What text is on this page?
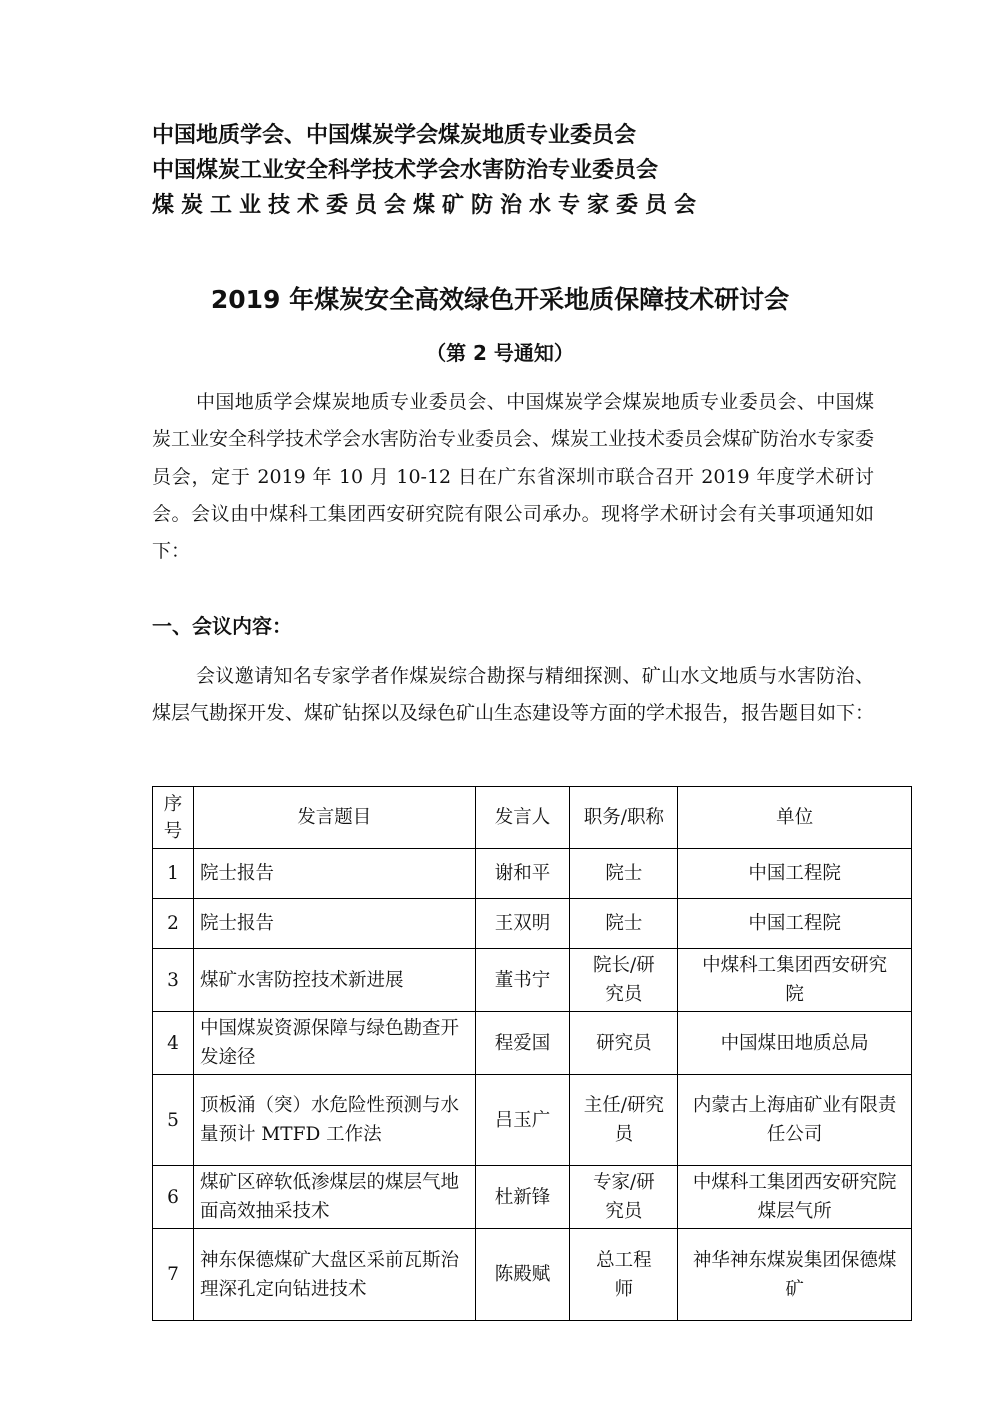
中国地质学会、中国煤炭学会煤炭地质专业委员会
中国煤炭工业安全科学技术学会水害防治专业委员会
煤炭工业技术委员会煤矿防治水专家委员会
2019 年煤炭安全高效绿色开采地质保障技术研讨会
（第 2 号通知）
中国地质学会煤炭地质专业委员会、中国煤炭学会煤炭地质专业委员会、中国煤炭工业安全科学技术学会水害防治专业委员会、煤炭工业技术委员会煤矿防治水专家委员会，定于 2019 年 10 月 10-12 日在广东省深圳市联合召开 2019 年度学术研讨会。会议由中煤科工集团西安研究院有限公司承办。现将学术研讨会有关事项通知如下：
一、会议内容：
会议邀请知名专家学者作煤炭综合勘探与精细探测、矿山水文地质与水害防治、煤层气勘探开发、煤矿钻探以及绿色矿山生态建设等方面的学术报告，报告题目如下：
序号	发言题目	发言人	职务/职称	单位
1	院士报告	谢和平	院士	中国工程院
2	院士报告	王双明	院士	中国工程院
3	煤矿水害防控技术新进展	董书宁	院长/研究员	中煤科工集团西安研究院
4	中国煤炭资源保障与绿色勘查开发途径	程爱国	研究员	中国煤田地质总局
5	顶板涌（突）水危险性预测与水量预计 MTFD 工作法	吕玉广	主任/研究员	内蒙古上海庙矿业有限责任公司
6	煤矿区碎软低渗煤层的煤层气地面高效抽采技术	杜新锋	专家/研究员	中煤科工集团西安研究院煤层气所
7	神东保德煤矿大盘区采前瓦斯治理深孔定向钻进技术	陈殿赋	总工程师	神华神东煤炭集团保德煤矿
